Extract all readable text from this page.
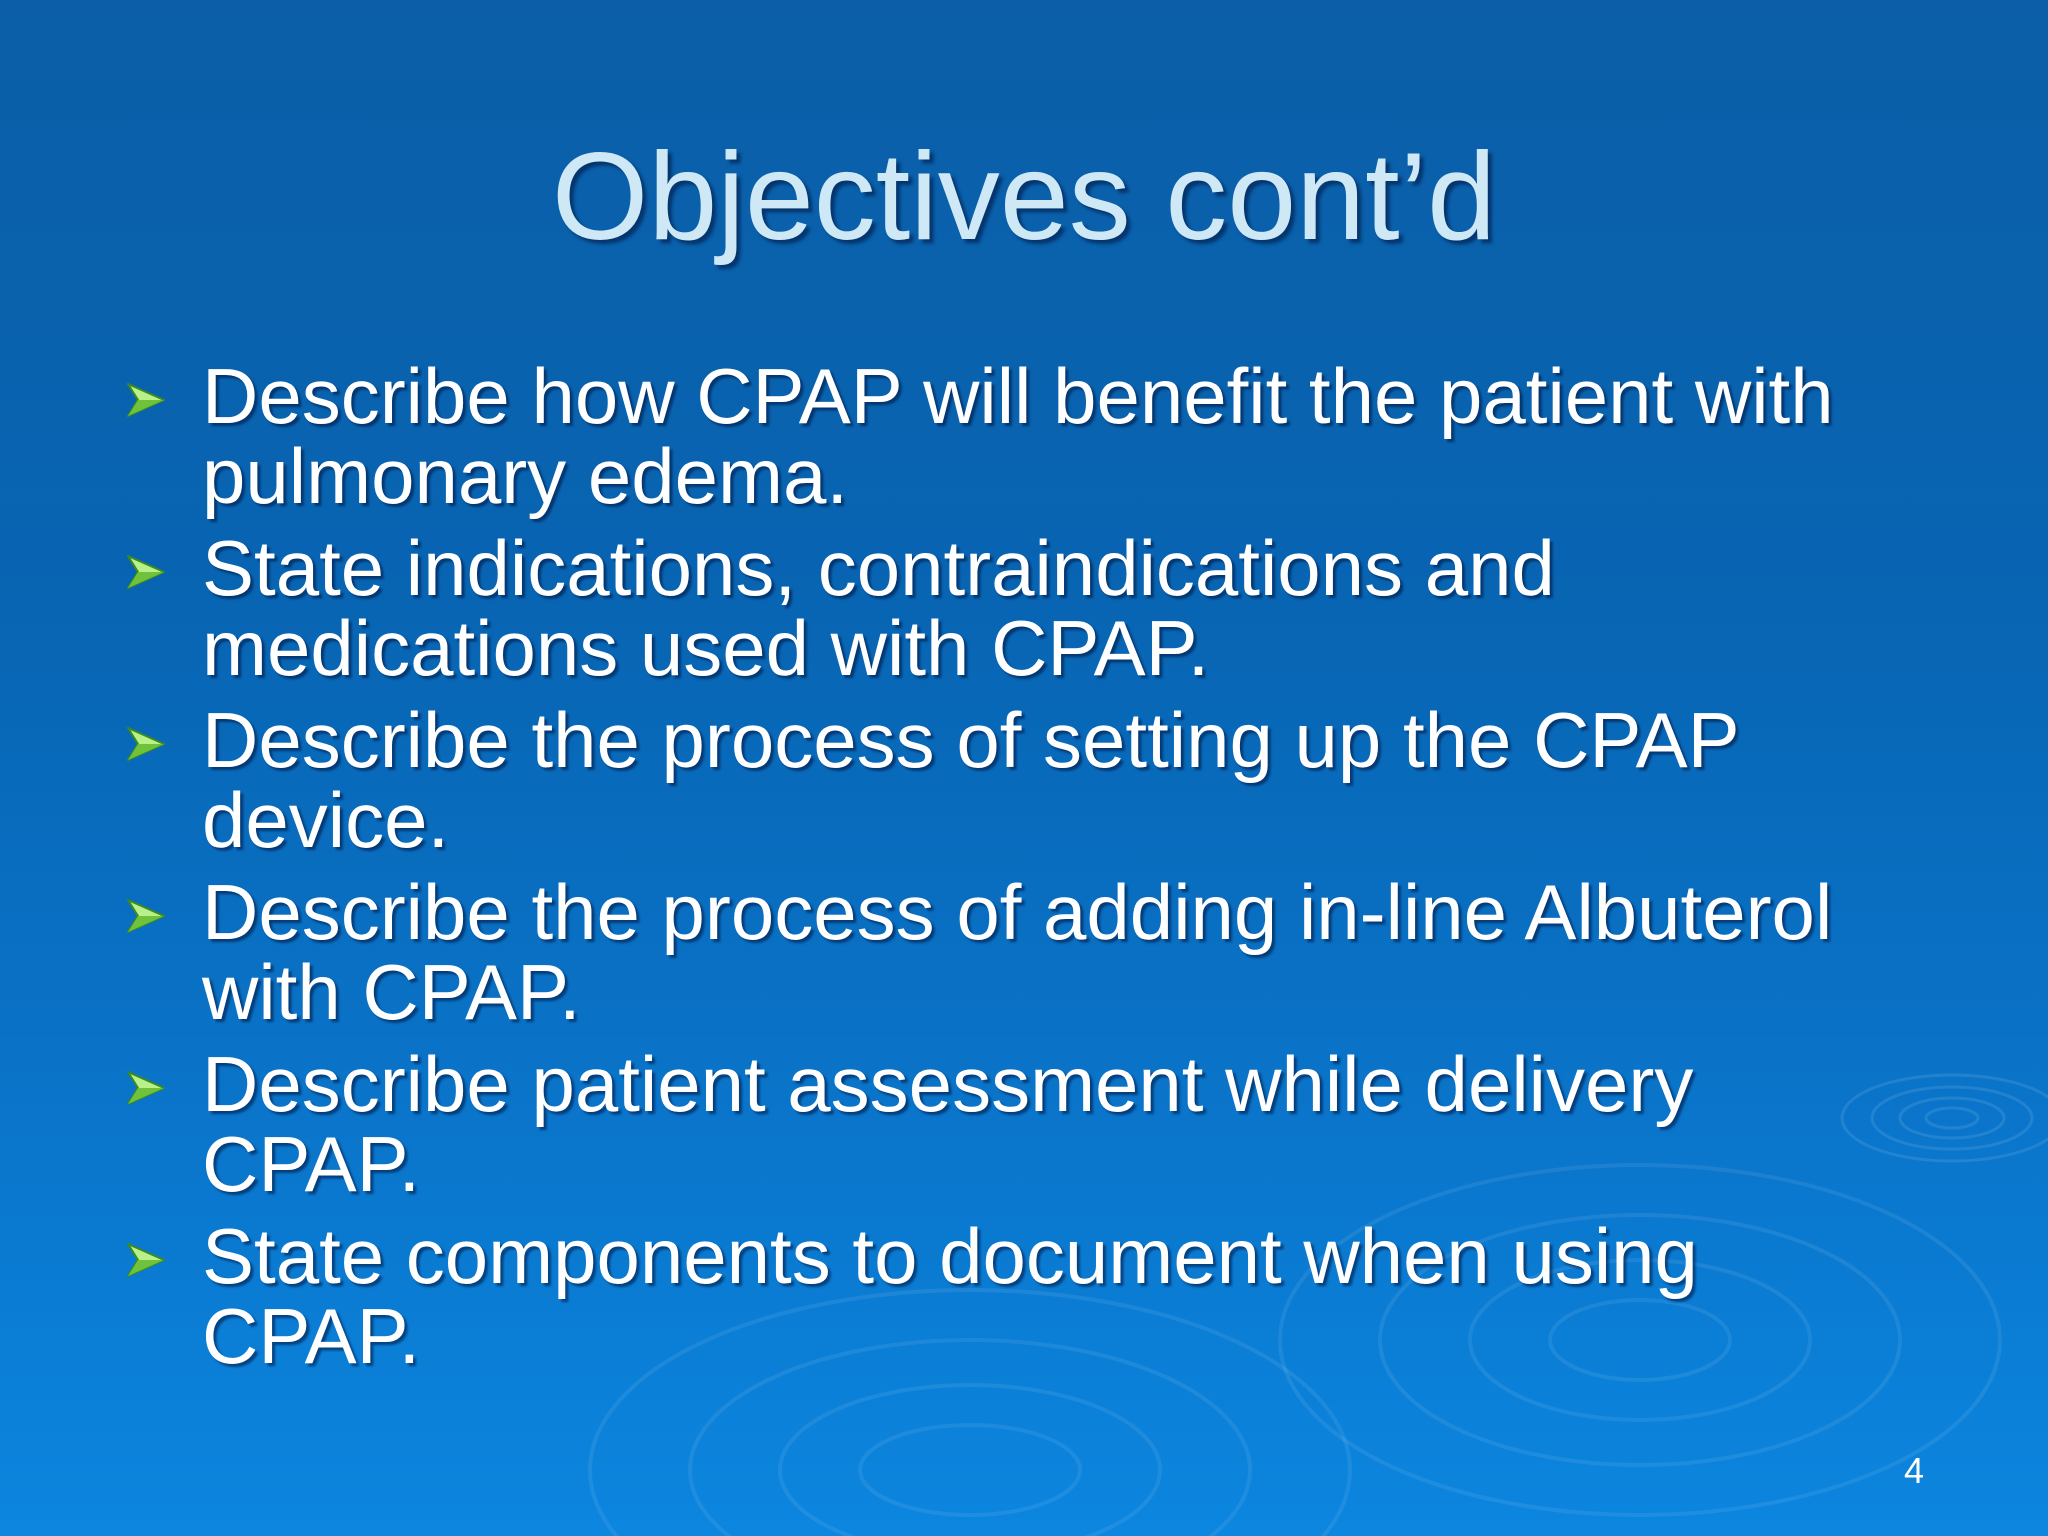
Objectives cont’d
Describe how CPAP will benefit the patient with pulmonary edema.
State indications, contraindications and medications used with CPAP.
Describe the process of setting up the CPAP device.
Describe the process of adding in-line Albuterol with CPAP.
Describe patient assessment while delivery CPAP.
State components to document when using CPAP.
4
